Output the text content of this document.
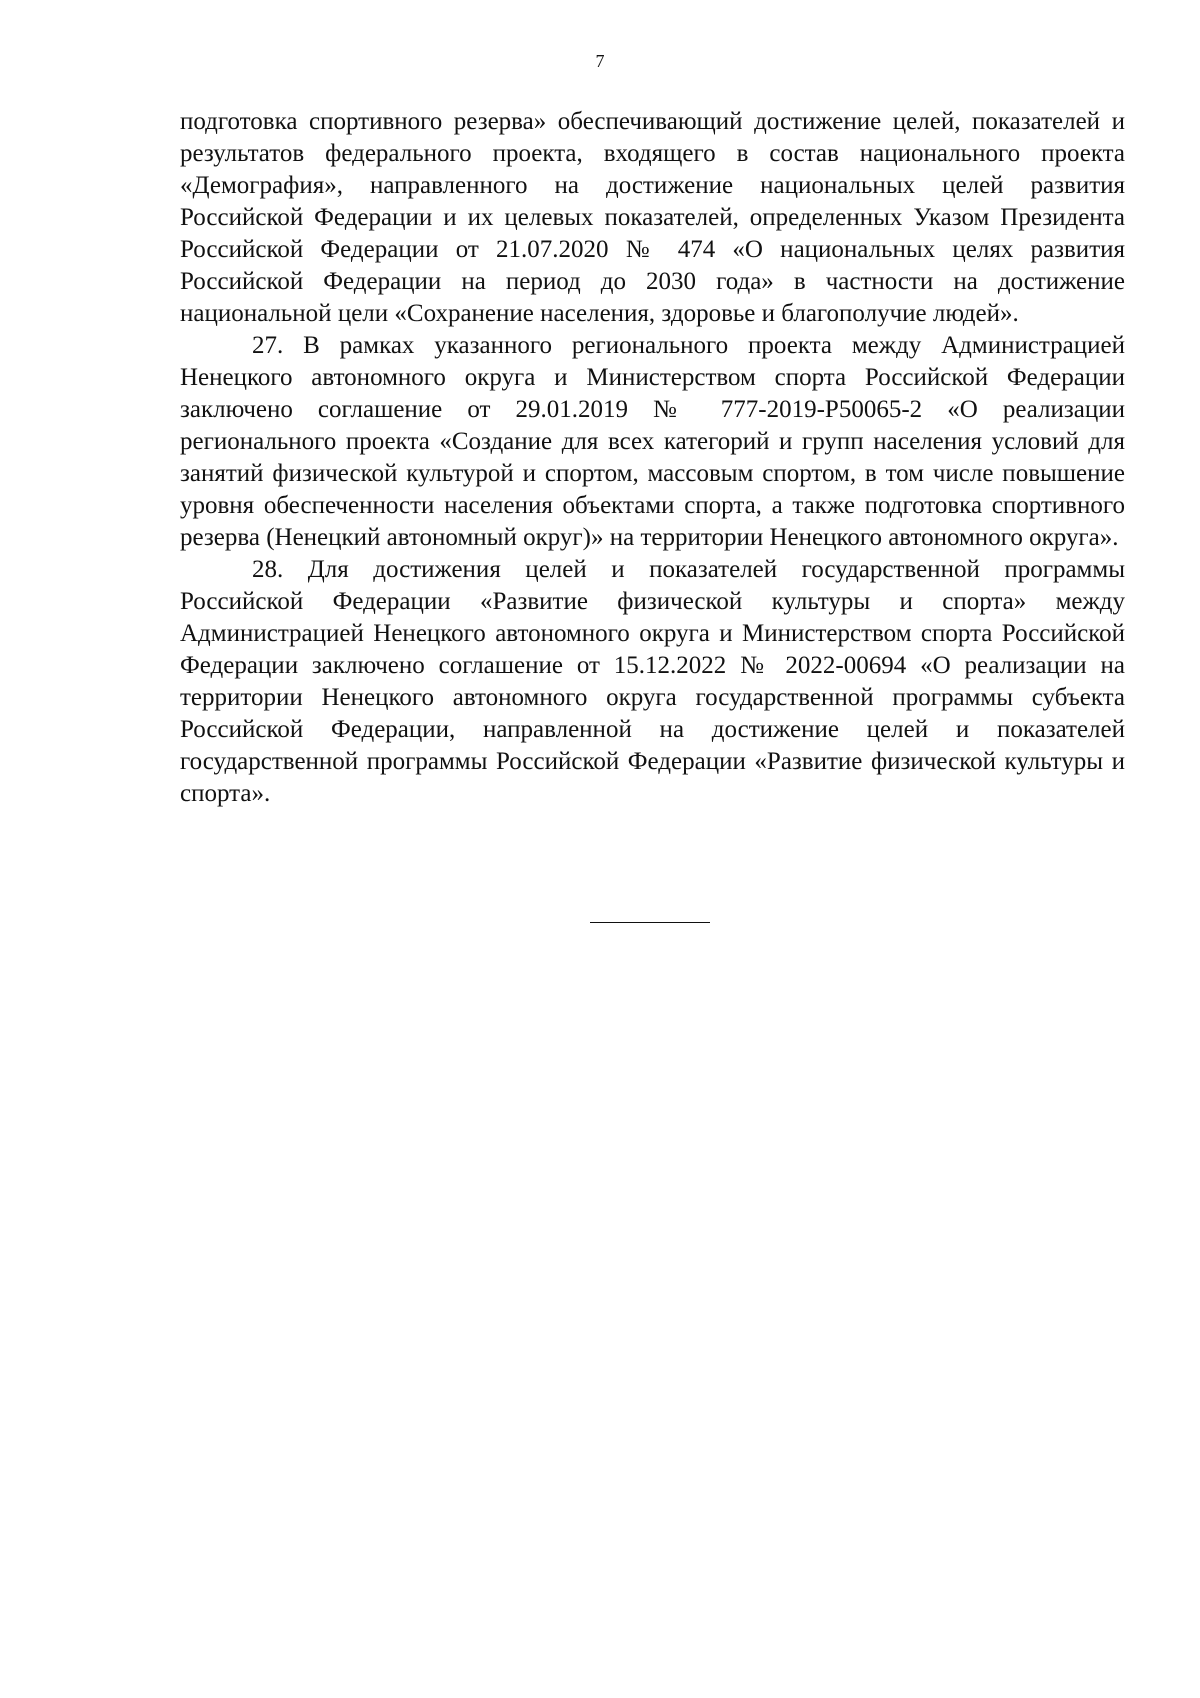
7

подготовка спортивного резерва» обеспечивающий достижение целей, показателей и результатов федерального проекта, входящего в состав национального проекта «Демография», направленного на достижение национальных целей развития Российской Федерации и их целевых показателей, определенных Указом Президента Российской Федерации от 21.07.2020 № 474 «О национальных целях развития Российской Федерации на период до 2030 года» в частности на достижение национальной цели «Сохранение населения, здоровье и благополучие людей».

27. В рамках указанного регионального проекта между Администрацией Ненецкого автономного округа и Министерством спорта Российской Федерации заключено соглашение от 29.01.2019 № 777-2019-P50065-2 «О реализации регионального проекта «Создание для всех категорий и групп населения условий для занятий физической культурой и спортом, массовым спортом, в том числе повышение уровня обеспеченности населения объектами спорта, а также подготовка спортивного резерва (Ненецкий автономный округ)» на территории Ненецкого автономного округа».

28. Для достижения целей и показателей государственной программы Российской Федерации «Развитие физической культуры и спорта» между Администрацией Ненецкого автономного округа и Министерством спорта Российской Федерации заключено соглашение от 15.12.2022 № 2022-00694 «О реализации на территории Ненецкого автономного округа государственной программы субъекта Российской Федерации, направленной на достижение целей и показателей государственной программы Российской Федерации «Развитие физической культуры и спорта».
